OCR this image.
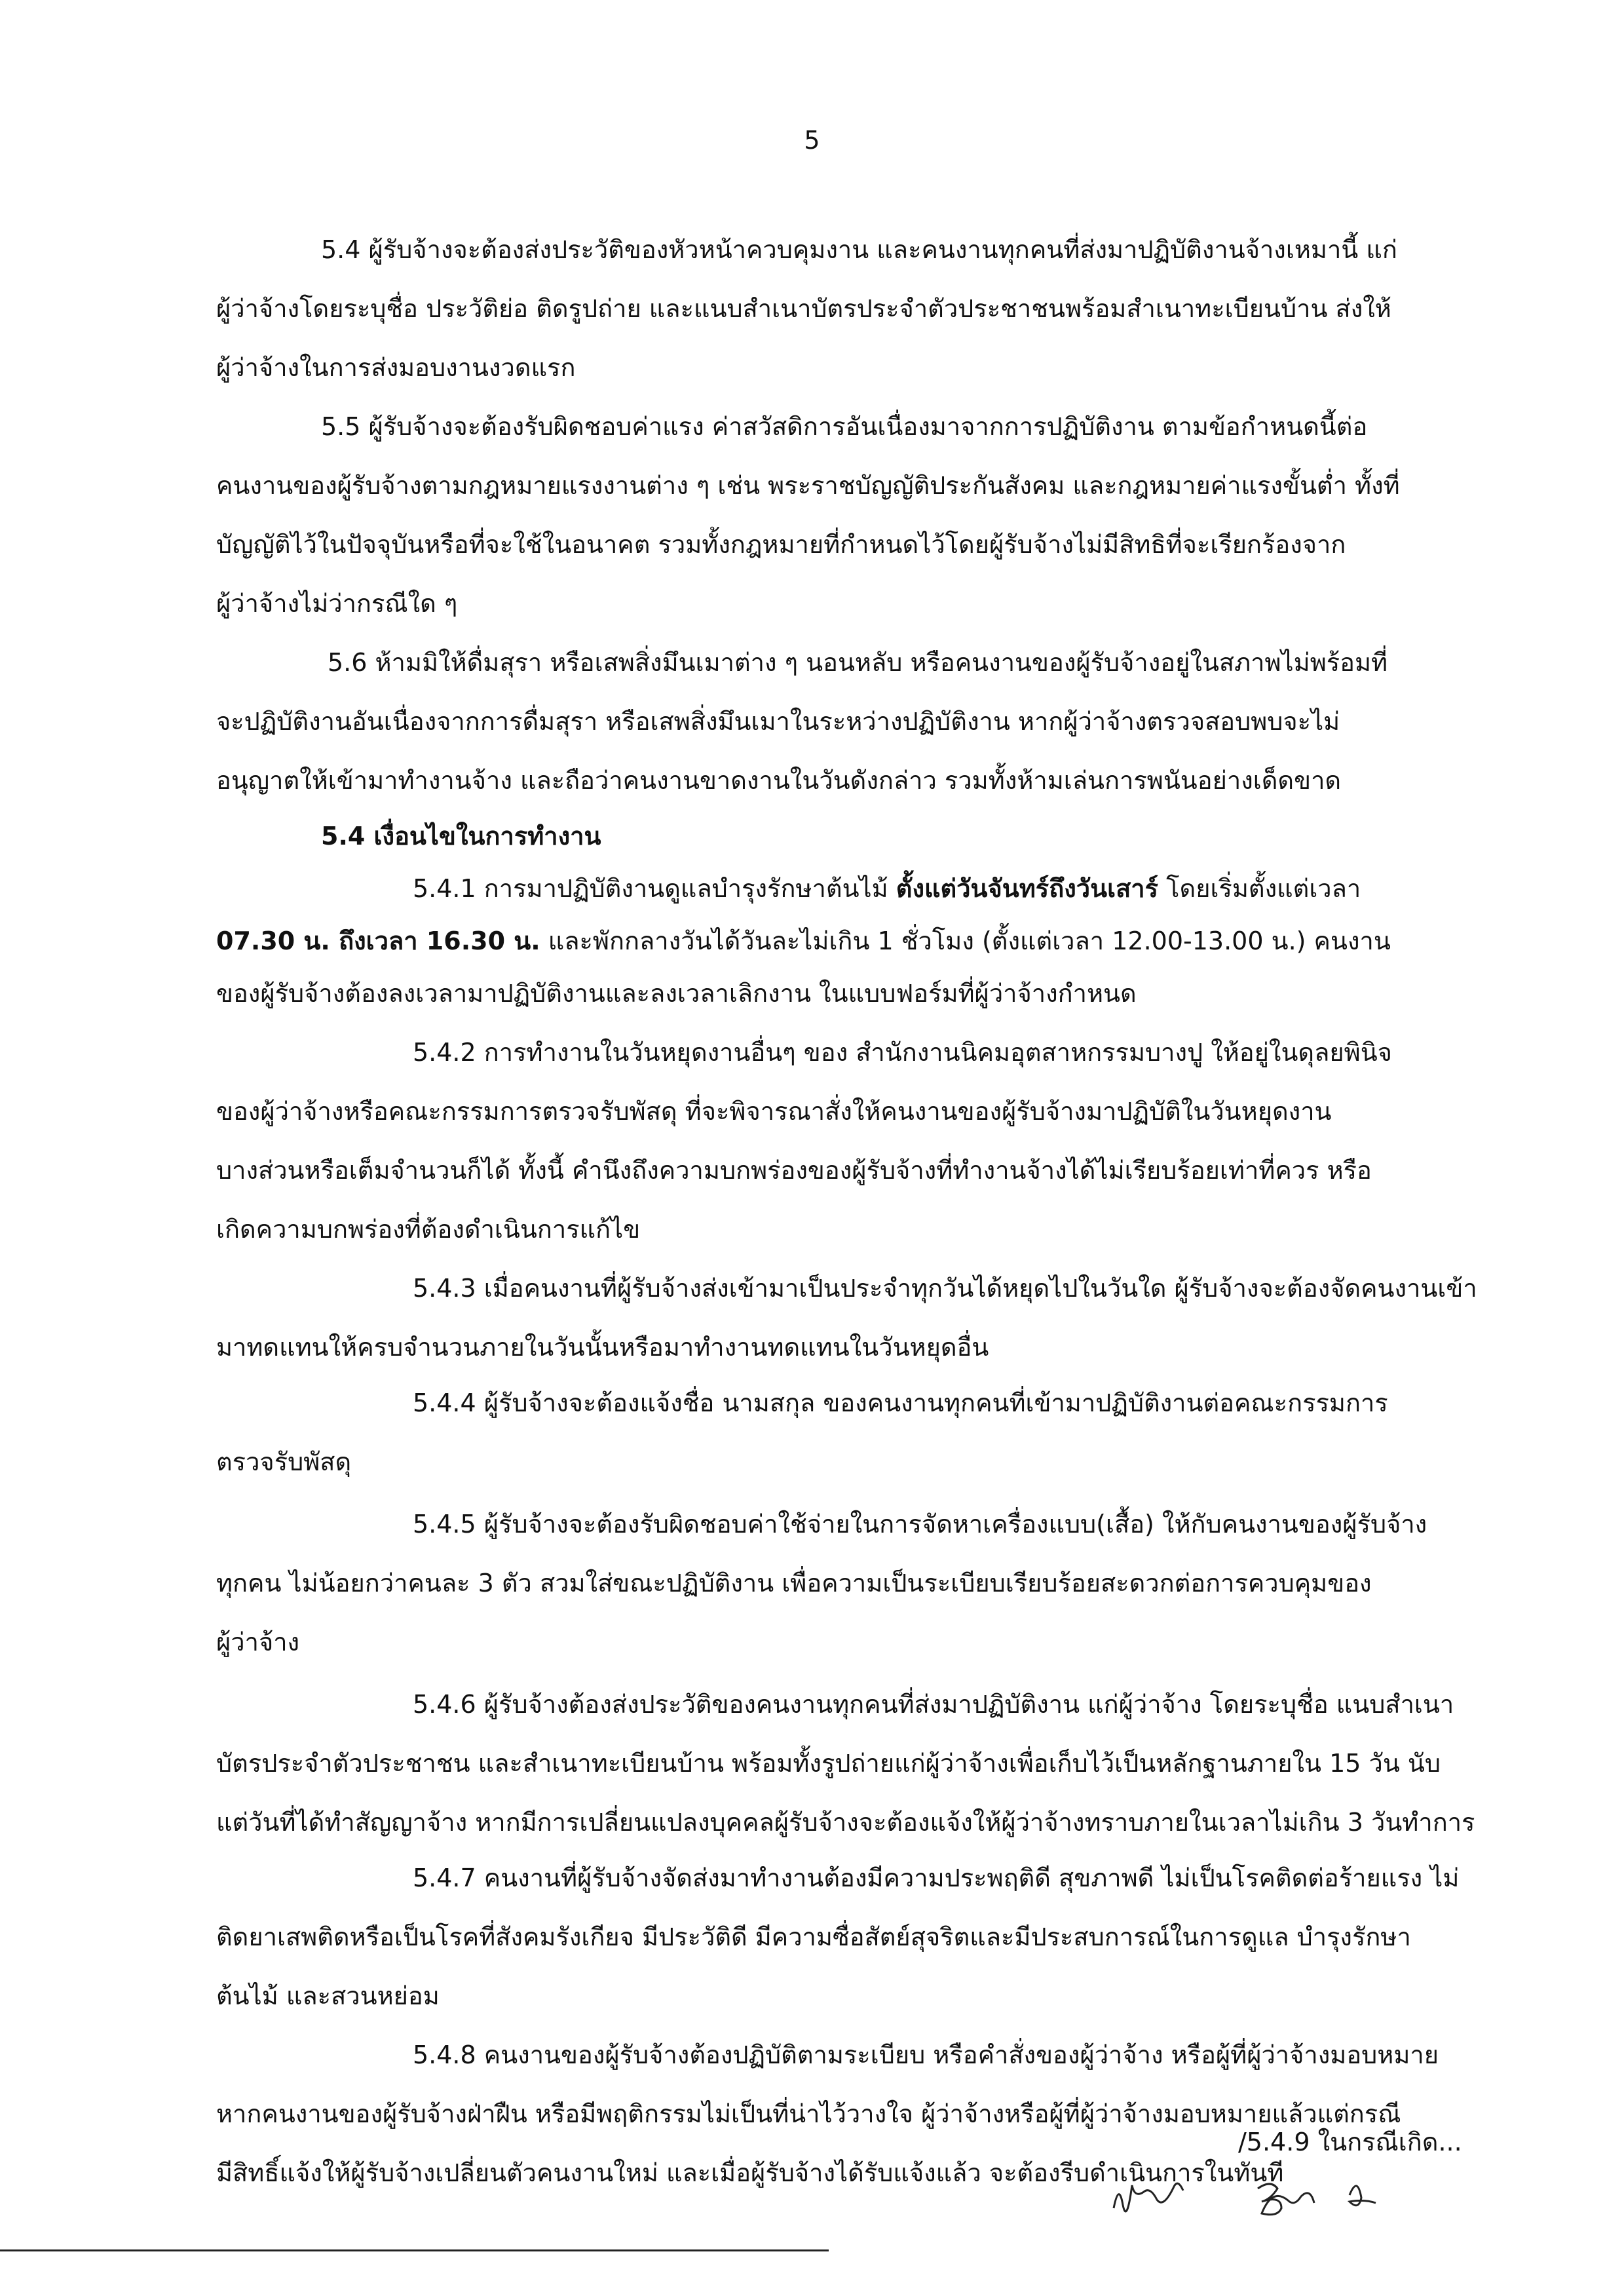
5
5.4 ผู้รับจ้างจะต้องส่งประวัติของหัวหน้าควบคุมงาน และคนงานทุกคนที่ส่งมาปฏิบัติงานจ้างเหมานี้ แก่
ผู้ว่าจ้างโดยระบุชื่อ ประวัติย่อ ติดรูปถ่าย และแนบสำเนาบัตรประจำตัวประชาชนพร้อมสำเนาทะเบียนบ้าน ส่งให้
ผู้ว่าจ้างในการส่งมอบงานงวดแรก
5.5 ผู้รับจ้างจะต้องรับผิดชอบค่าแรง ค่าสวัสดิการอันเนื่องมาจากการปฏิบัติงาน ตามข้อกำหนดนี้ต่อ
คนงานของผู้รับจ้างตามกฎหมายแรงงานต่าง ๆ เช่น พระราชบัญญัติประกันสังคม และกฎหมายค่าแรงขั้นต่ำ ทั้งที่
บัญญัติไว้ในปัจจุบันหรือที่จะใช้ในอนาคต รวมทั้งกฎหมายที่กำหนดไว้โดยผู้รับจ้างไม่มีสิทธิที่จะเรียกร้องจาก
ผู้ว่าจ้างไม่ว่ากรณีใด ๆ
5.6 ห้ามมิให้ดื่มสุรา หรือเสพสิ่งมึนเมาต่าง ๆ นอนหลับ หรือคนงานของผู้รับจ้างอยู่ในสภาพไม่พร้อมที่
จะปฏิบัติงานอันเนื่องจากการดื่มสุรา หรือเสพสิ่งมึนเมาในระหว่างปฏิบัติงาน หากผู้ว่าจ้างตรวจสอบพบจะไม่
อนุญาตให้เข้ามาทำงานจ้าง และถือว่าคนงานขาดงานในวันดังกล่าว รวมทั้งห้ามเล่นการพนันอย่างเด็ดขาด
5.4 เงื่อนไขในการทำงาน
5.4.1 การมาปฏิบัติงานดูแลบำรุงรักษาต้นไม้ ตั้งแต่วันจันทร์ถึงวันเสาร์ โดยเริ่มตั้งแต่เวลา
07.30 น. ถึงเวลา 16.30 น. และพักกลางวันได้วันละไม่เกิน 1 ชั่วโมง (ตั้งแต่เวลา 12.00-13.00 น.) คนงาน
ของผู้รับจ้างต้องลงเวลามาปฏิบัติงานและลงเวลาเลิกงาน ในแบบฟอร์มที่ผู้ว่าจ้างกำหนด
5.4.2 การทำงานในวันหยุดงานอื่นๆ ของ สำนักงานนิคมอุตสาหกรรมบางปู ให้อยู่ในดุลยพินิจ
ของผู้ว่าจ้างหรือคณะกรรมการตรวจรับพัสดุ ที่จะพิจารณาสั่งให้คนงานของผู้รับจ้างมาปฏิบัติในวันหยุดงาน
บางส่วนหรือเต็มจำนวนก็ได้ ทั้งนี้ คำนึงถึงความบกพร่องของผู้รับจ้างที่ทำงานจ้างได้ไม่เรียบร้อยเท่าที่ควร หรือ
เกิดความบกพร่องที่ต้องดำเนินการแก้ไข
5.4.3 เมื่อคนงานที่ผู้รับจ้างส่งเข้ามาเป็นประจำทุกวันได้หยุดไปในวันใด ผู้รับจ้างจะต้องจัดคนงานเข้า
มาทดแทนให้ครบจำนวนภายในวันนั้นหรือมาทำงานทดแทนในวันหยุดอื่น
5.4.4 ผู้รับจ้างจะต้องแจ้งชื่อ นามสกุล ของคนงานทุกคนที่เข้ามาปฏิบัติงานต่อคณะกรรมการ
ตรวจรับพัสดุ
5.4.5 ผู้รับจ้างจะต้องรับผิดชอบค่าใช้จ่ายในการจัดหาเครื่องแบบ(เสื้อ) ให้กับคนงานของผู้รับจ้าง
ทุกคน ไม่น้อยกว่าคนละ 3 ตัว สวมใส่ขณะปฏิบัติงาน เพื่อความเป็นระเบียบเรียบร้อยสะดวกต่อการควบคุมของ
ผู้ว่าจ้าง
5.4.6 ผู้รับจ้างต้องส่งประวัติของคนงานทุกคนที่ส่งมาปฏิบัติงาน แก่ผู้ว่าจ้าง โดยระบุชื่อ แนบสำเนา
บัตรประจำตัวประชาชน และสำเนาทะเบียนบ้าน พร้อมทั้งรูปถ่ายแก่ผู้ว่าจ้างเพื่อเก็บไว้เป็นหลักฐานภายใน 15 วัน นับ
แต่วันที่ได้ทำสัญญาจ้าง หากมีการเปลี่ยนแปลงบุคคลผู้รับจ้างจะต้องแจ้งให้ผู้ว่าจ้างทราบภายในเวลาไม่เกิน 3 วันทำการ
5.4.7 คนงานที่ผู้รับจ้างจัดส่งมาทำงานต้องมีความประพฤติดี สุขภาพดี ไม่เป็นโรคติดต่อร้ายแรง ไม่
ติดยาเสพติดหรือเป็นโรคที่สังคมรังเกียจ มีประวัติดี มีความซื่อสัตย์สุจริตและมีประสบการณ์ในการดูแล บำรุงรักษา
ต้นไม้ และสวนหย่อม
5.4.8 คนงานของผู้รับจ้างต้องปฏิบัติตามระเบียบ หรือคำสั่งของผู้ว่าจ้าง หรือผู้ที่ผู้ว่าจ้างมอบหมาย
หากคนงานของผู้รับจ้างฝ่าฝืน หรือมีพฤติกรรมไม่เป็นที่น่าไว้วางใจ ผู้ว่าจ้างหรือผู้ที่ผู้ว่าจ้างมอบหมายแล้วแต่กรณี
มีสิทธิ์แจ้งให้ผู้รับจ้างเปลี่ยนตัวคนงานใหม่ และเมื่อผู้รับจ้างได้รับแจ้งแล้ว จะต้องรีบดำเนินการในทันที
/5.4.9 ในกรณีเกิด...
